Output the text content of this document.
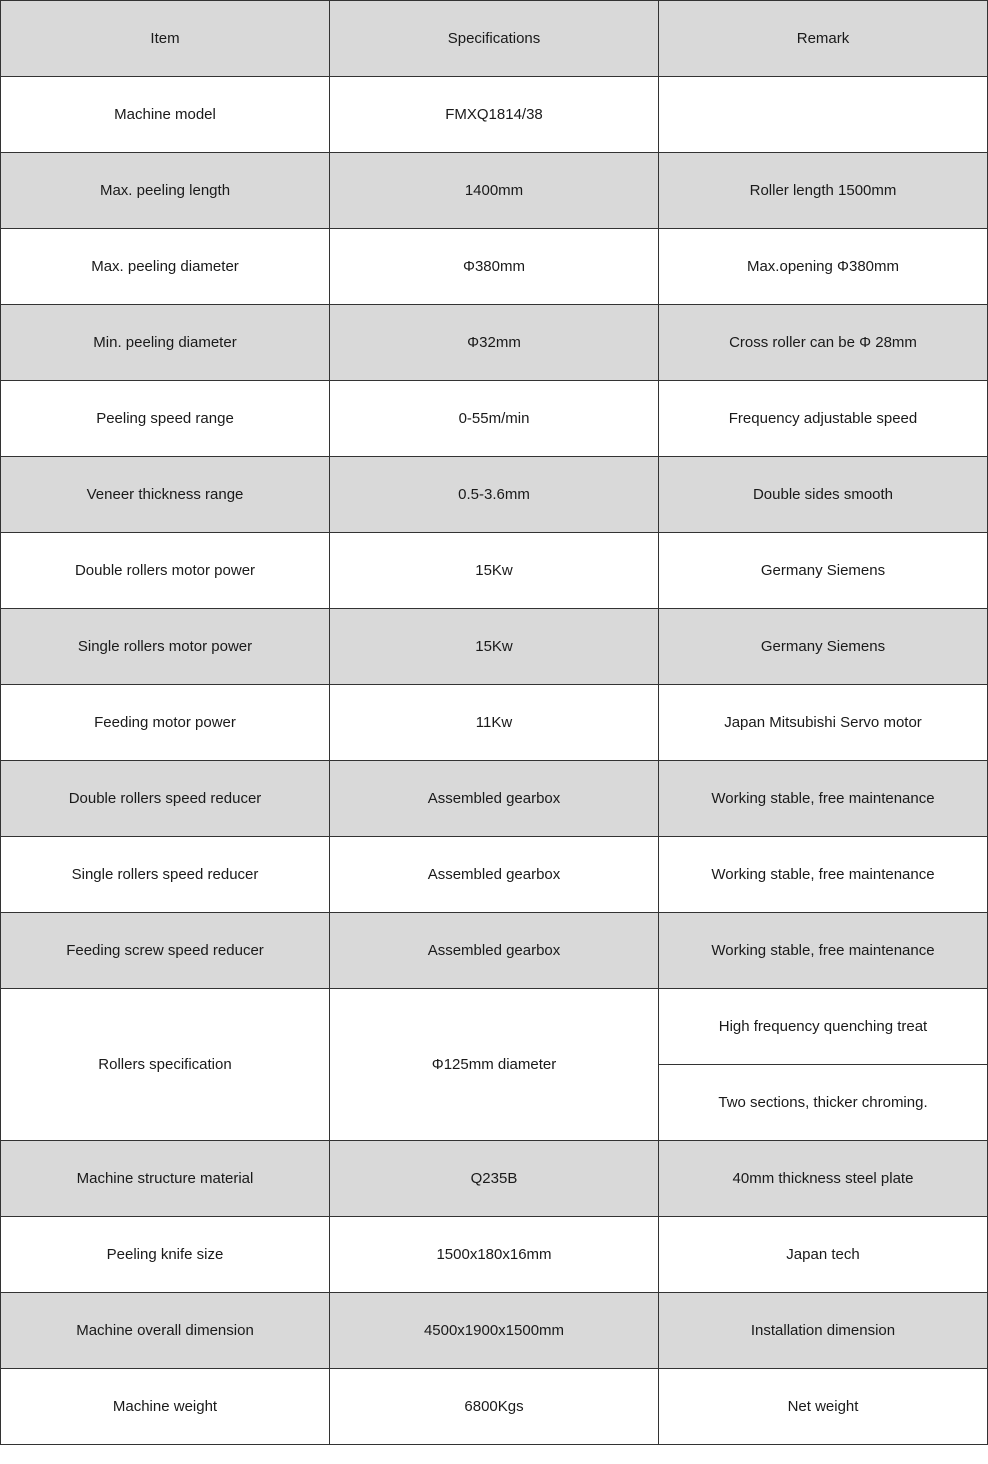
Item	Specifications	Remark
Machine model	FMXQ1814/38	
Max. peeling length	1400mm	Roller length 1500mm
Max. peeling diameter	Φ380mm	Max.opening Φ380mm
Min. peeling diameter	Φ32mm	Cross roller can be Φ 28mm
Peeling speed range	0-55m/min	Frequency adjustable speed
Veneer thickness range	0.5-3.6mm	Double sides smooth
Double rollers motor power	15Kw	Germany Siemens
Single rollers motor power	15Kw	Germany Siemens
Feeding motor power	11Kw	Japan Mitsubishi Servo motor
Double rollers speed reducer	Assembled gearbox	Working stable, free maintenance
Single rollers speed reducer	Assembled gearbox	Working stable, free maintenance
Feeding screw speed reducer	Assembled gearbox	Working stable, free maintenance
Rollers specification	Φ125mm diameter	High frequency quenching treat
		Two sections, thicker chroming.
Machine structure material	Q235B	40mm thickness steel plate
Peeling knife size	1500x180x16mm	Japan tech
Machine overall dimension	4500x1900x1500mm	Installation dimension
Machine weight	6800Kgs	Net weight
